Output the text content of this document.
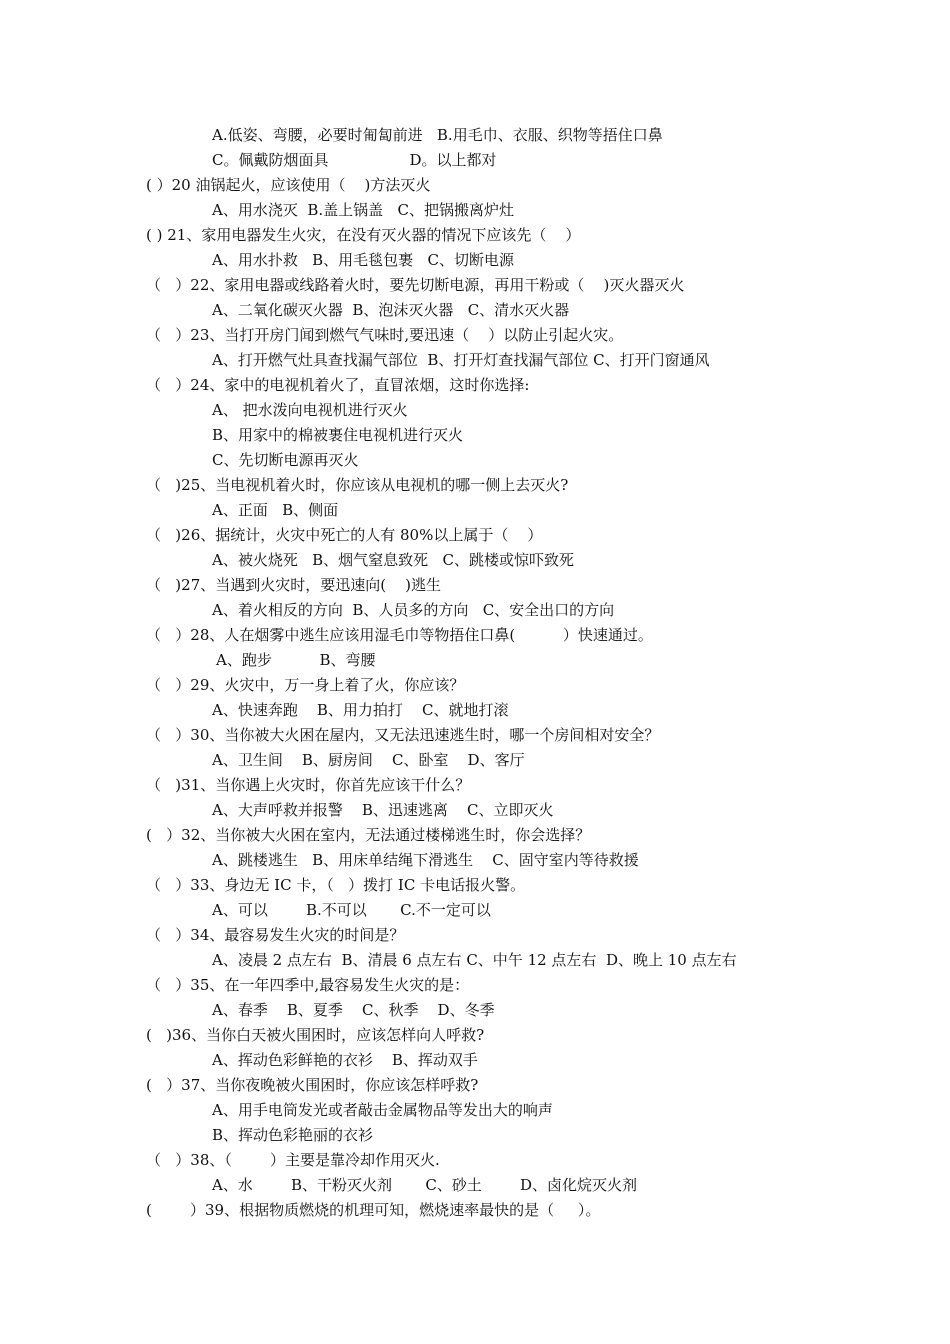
A.低姿、弯腰，必要时匍匐前进   B.用毛巾、衣服、织物等捂住口鼻
C。佩戴防烟面具                 D。以上都对
( ）20 油锅起火，应该使用（    )方法灭火
A、用水浇灭  B.盖上锅盖   C、把锅搬离炉灶
( ) 21、家用电器发生火灾，在没有灭火器的情况下应该先（    ）
A、用水扑救   B、用毛毯包裹   C、切断电源
（   ）22、家用电器或线路着火时，要先切断电源，再用干粉或（    )灭火器灭火
A、二氧化碳灭火器  B、泡沫灭火器   C、清水灭火器
（   ）23、当打开房门闻到燃气气味时,要迅速（    ）以防止引起火灾。
A、打开燃气灶具查找漏气部位  B、打开灯查找漏气部位 C、打开门窗通风
（   ）24、家中的电视机着火了，直冒浓烟，这时你选择:
A、 把水泼向电视机进行灭火
B、用家中的棉被裹住电视机进行灭火
C、先切断电源再灭火
（   )25、当电视机着火时，你应该从电视机的哪一侧上去灭火?
A、正面   B、侧面
（   )26、据统计，火灾中死亡的人有 80%以上属于（    ）
A、被火烧死   B、烟气窒息致死   C、跳楼或惊吓致死
（   )27、当遇到火灾时，要迅速向(    )逃生
A、着火相反的方向  B、人员多的方向   C、安全出口的方向
（   ）28、人在烟雾中逃生应该用湿毛巾等物捂住口鼻(          ）快速通过。
A、跑步          B、弯腰
（   ）29、火灾中，万一身上着了火，你应该？
A、快速奔跑    B、用力拍打    C、就地打滚
（   ）30、当你被大火困在屋内，又无法迅速逃生时，哪一个房间相对安全？
A、卫生间    B、厨房间    C、卧室    D、客厅
（   )31、当你遇上火灾时，你首先应该干什么？
A、大声呼救并报警    B、迅速逃离    C、立即灭火
(   ）32、当你被大火困在室内，无法通过楼梯逃生时，你会选择？
A、跳楼逃生   B、用床单结绳下滑逃生    C、固守室内等待救援
（   ）33、身边无 IC 卡，（   ）拨打 IC 卡电话报火警。
A、可以        B.不可以       C.不一定可以
（   ）34、最容易发生火灾的时间是？
A、凌晨 2 点左右  B、清晨 6 点左右 C、中午 12 点左右  D、晚上 10 点左右
（   ）35、在一年四季中,最容易发生火灾的是：
A、春季    B、夏季    C、秋季    D、冬季
(   )36、当你白天被火围困时，应该怎样向人呼救?
A、挥动色彩鲜艳的衣衫    B、挥动双手
(   ）37、当你夜晚被火围困时，你应该怎样呼救?
A、用手电筒发光或者敲击金属物品等发出大的响声
B、挥动色彩艳丽的衣衫
（   ）38、（        ）主要是靠冷却作用灭火.
A、水        B、干粉灭火剂       C、砂土        D、卤化烷灭火剂
(        ）39、根据物质燃烧的机理可知，燃烧速率最快的是（     ）。
